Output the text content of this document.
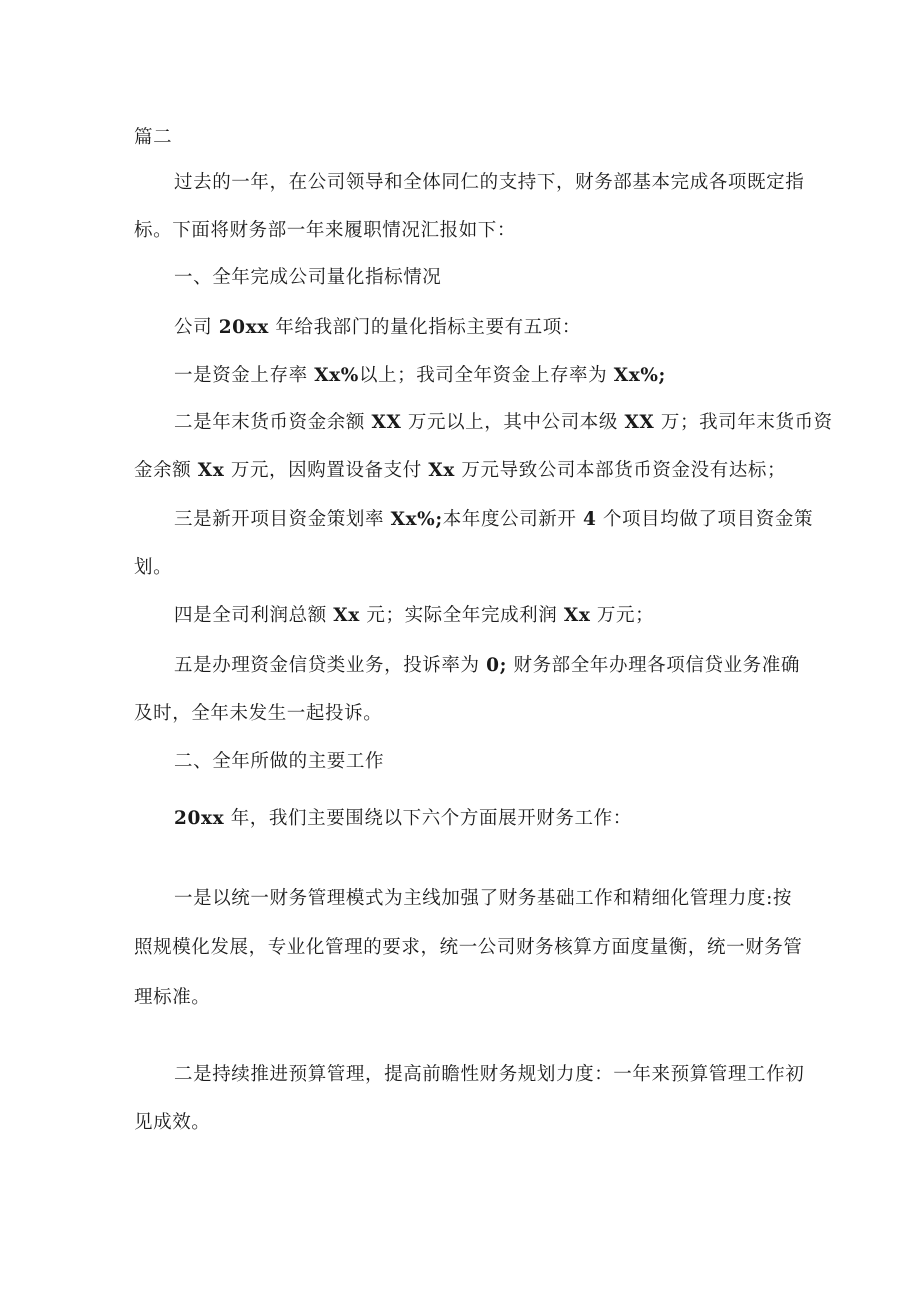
篇二
过去的一年，在公司领导和全体同仁的支持下，财务部基本完成各项既定指
标。下面将财务部一年来履职情况汇报如下：
一、全年完成公司量化指标情况
公司 20xx 年给我部门的量化指标主要有五项：
一是资金上存率 Xx%以上；我司全年资金上存率为 Xx%;
二是年末货币资金余额 XX 万元以上，其中公司本级 XX 万；我司年末货币资
金余额 Xx 万元，因购置设备支付 Xx 万元导致公司本部货币资金没有达标；
三是新开项目资金策划率 Xx%;本年度公司新开 4 个项目均做了项目资金策
划。
四是全司利润总额 Xx 元；实际全年完成利润 Xx 万元；
五是办理资金信贷类业务，投诉率为 0; 财务部全年办理各项信贷业务准确
及时，全年未发生一起投诉。
二、全年所做的主要工作
20xx 年，我们主要围绕以下六个方面展开财务工作：
一是以统一财务管理模式为主线加强了财务基础工作和精细化管理力度:按
照规模化发展，专业化管理的要求，统一公司财务核算方面度量衡，统一财务管
理标准。
二是持续推进预算管理，提高前瞻性财务规划力度：一年来预算管理工作初
见成效。
